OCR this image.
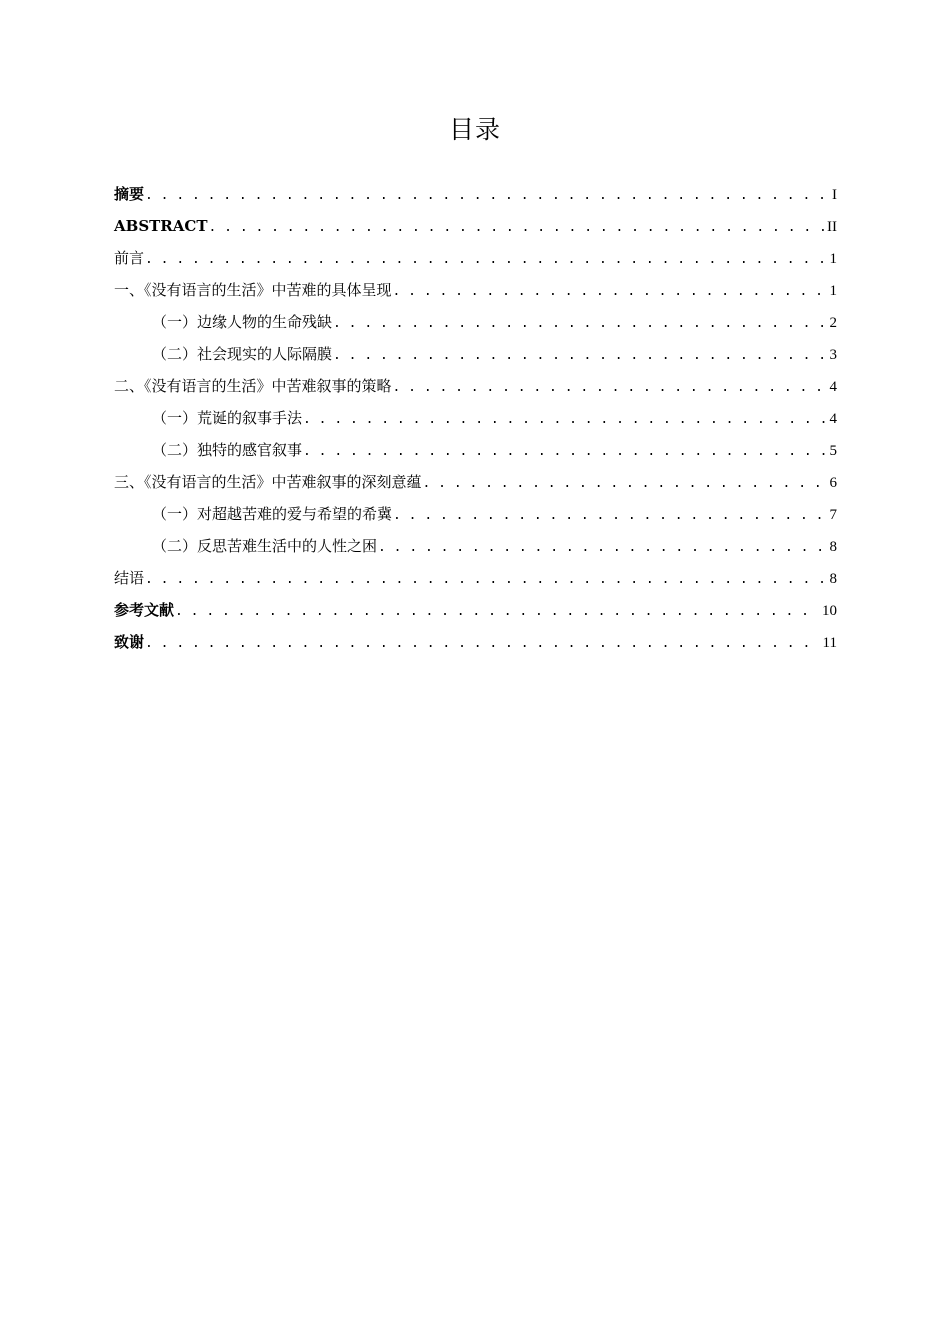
目录
摘要 . . .	I
ABSTRACT . . .	II
前言 . . .	1
一、《没有语言的生活》中苦难的具体呈现 . . .	1
（一）边缘人物的生命残缺 . . .	2
（二）社会现实的人际隔膜 . . .	3
二、《没有语言的生活》中苦难叙事的策略 . . .	4
（一）荒诞的叙事手法 . . .	4
（二）独特的感官叙事 . . .	5
三、《没有语言的生活》中苦难叙事的深刻意蕴 . . .	6
（一）对超越苦难的爱与希望的希冀 . . .	7
（二）反思苦难生活中的人性之困 . . .	8
结语 . . .	8
参考文献 . . .	10
致谢 . . .	11
